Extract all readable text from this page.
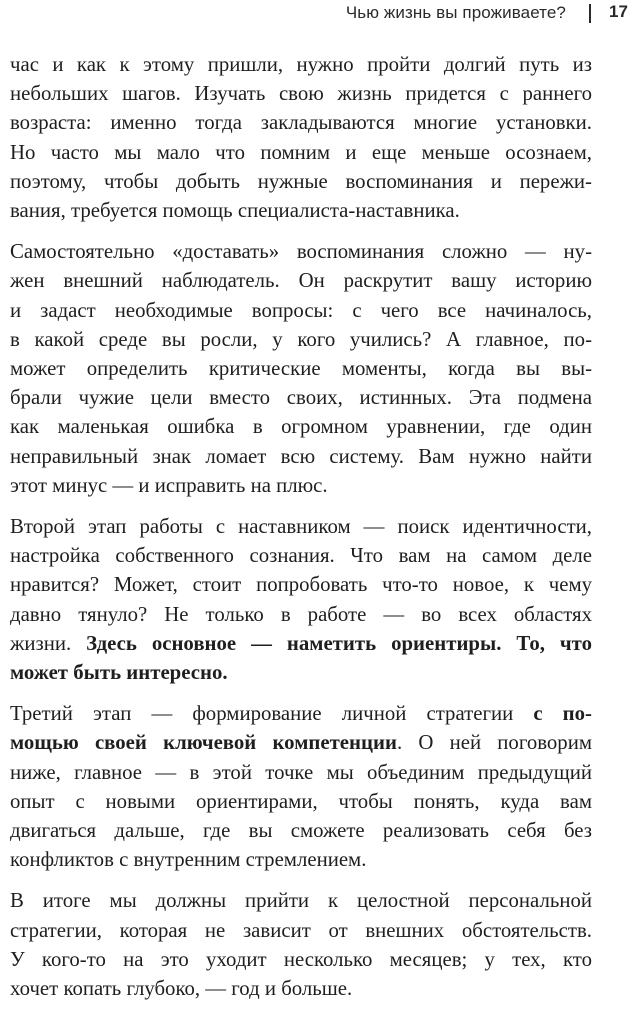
Чью жизнь вы проживаете?	17

час и как к этому пришли, нужно пройти долгий путь из
небольших шагов. Изучать свою жизнь придется с раннего
возраста: именно тогда закладываются многие установки.
Но часто мы мало что помним и еще меньше осознаем,
поэтому, чтобы добыть нужные воспоминания и пережи-
вания, требуется помощь специалиста-наставника.

Самостоятельно «доставать» воспоминания сложно — ну-
жен внешний наблюдатель. Он раскрутит вашу историю
и задаст необходимые вопросы: с чего все начиналось,
в какой среде вы росли, у кого учились? А главное, по-
может определить критические моменты, когда вы вы-
брали чужие цели вместо своих, истинных. Эта подмена
как маленькая ошибка в огромном уравнении, где один
неправильный знак ломает всю систему. Вам нужно найти
этот минус — и исправить на плюс.

Второй этап работы с наставником — поиск идентичности,
настройка собственного сознания. Что вам на самом деле
нравится? Может, стоит попробовать что-то новое, к чему
давно тянуло? Не только в работе — во всех областях
жизни. Здесь основное — наметить ориентиры. То, что
может быть интересно.

Третий этап — формирование личной стратегии с по-
мощью своей ключевой компетенции. О ней поговорим
ниже, главное — в этой точке мы объединим предыдущий
опыт с новыми ориентирами, чтобы понять, куда вам
двигаться дальше, где вы сможете реализовать себя без
конфликтов с внутренним стремлением.

В итоге мы должны прийти к целостной персональной
стратегии, которая не зависит от внешних обстоятельств.
У кого-то на это уходит несколько месяцев; у тех, кто
хочет копать глубоко, — год и больше.
